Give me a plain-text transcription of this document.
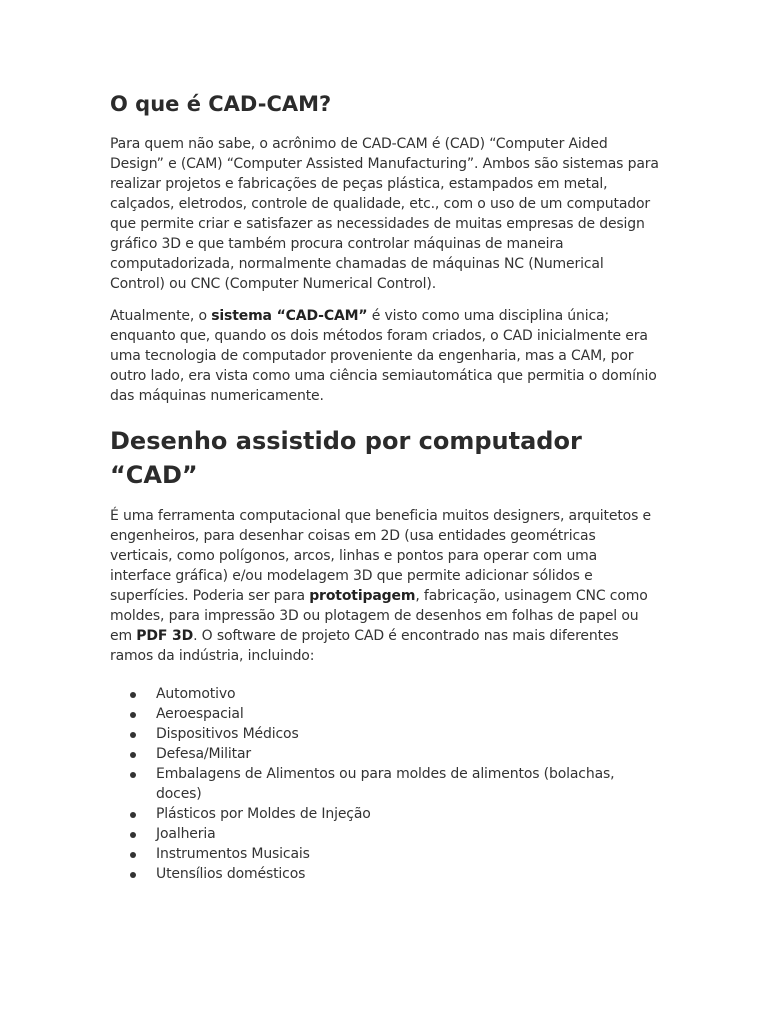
O que é CAD-CAM?

Para quem não sabe, o acrônimo de CAD-CAM é (CAD) “Computer Aided Design” e (CAM) “Computer Assisted Manufacturing”. Ambos são sistemas para realizar projetos e fabricações de peças plástica, estampados em metal, calçados, eletrodos, controle de qualidade, etc., com o uso de um computador que permite criar e satisfazer as necessidades de muitas empresas de design gráfico 3D e que também procura controlar máquinas de maneira computadorizada, normalmente chamadas de máquinas NC (Numerical Control) ou CNC (Computer Numerical Control).

Atualmente, o sistema “CAD-CAM” é visto como uma disciplina única; enquanto que, quando os dois métodos foram criados, o CAD inicialmente era uma tecnologia de computador proveniente da engenharia, mas a CAM, por outro lado, era vista como uma ciência semiautomática que permitia o domínio das máquinas numericamente.

Desenho assistido por computador “CAD”

É uma ferramenta computacional que beneficia muitos designers, arquitetos e engenheiros, para desenhar coisas em 2D (usa entidades geométricas verticais, como polígonos, arcos, linhas e pontos para operar com uma interface gráfica) e/ou modelagem 3D que permite adicionar sólidos e superfícies. Poderia ser para prototipagem, fabricação, usinagem CNC como moldes, para impressão 3D ou plotagem de desenhos em folhas de papel ou em PDF 3D. O software de projeto CAD é encontrado nas mais diferentes ramos da indústria, incluindo:

Automotivo
Aeroespacial
Dispositivos Médicos
Defesa/Militar
Embalagens de Alimentos ou para moldes de alimentos (bolachas, doces)
Plásticos por Moldes de Injeção
Joalheria
Instrumentos Musicais
Utensílios domésticos
